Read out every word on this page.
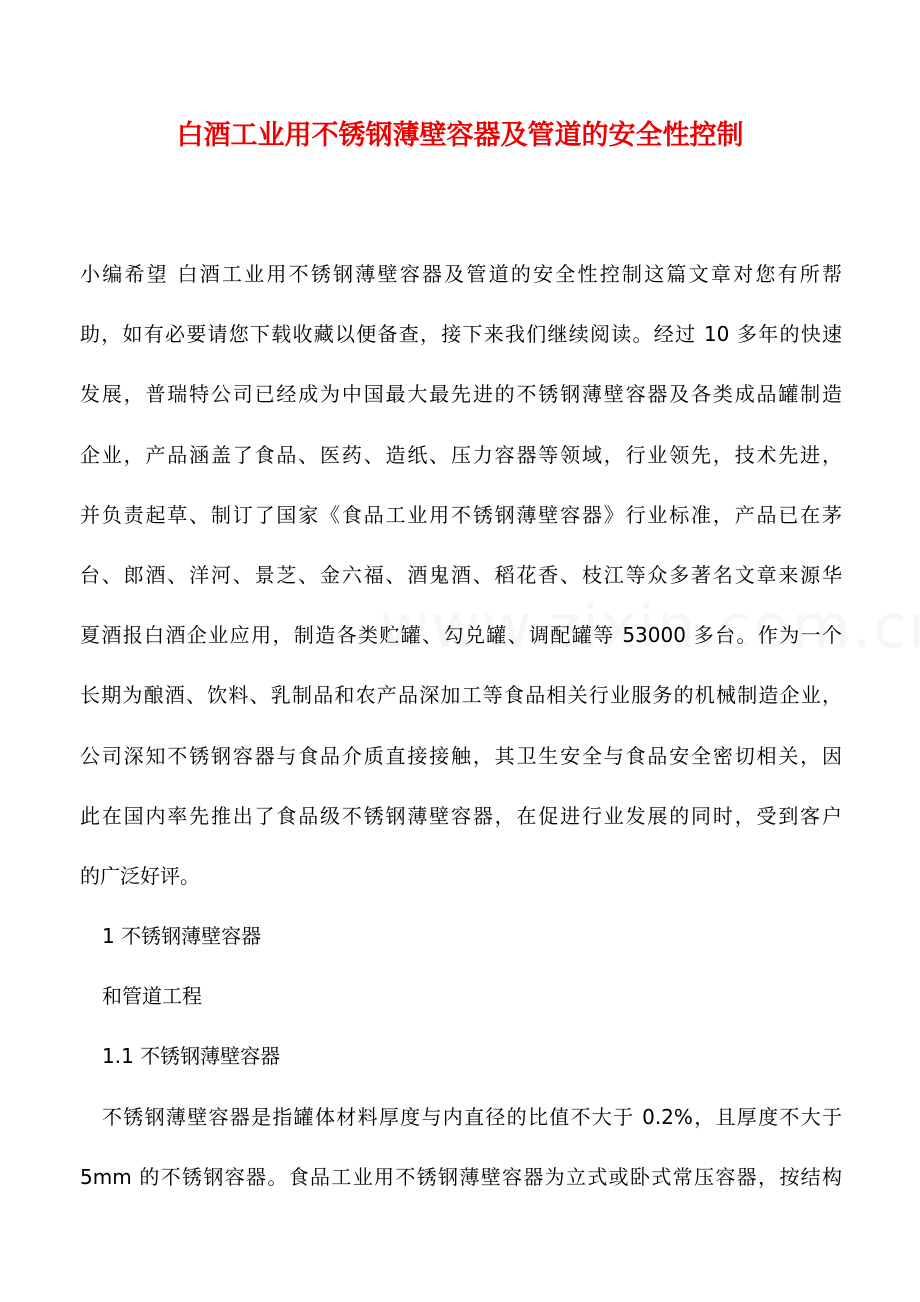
白酒工业用不锈钢薄壁容器及管道的安全性控制
小编希望 白酒工业用不锈钢薄壁容器及管道的安全性控制这篇文章对您有所帮
助，如有必要请您下载收藏以便备查，接下来我们继续阅读。经过 10 多年的快速
发展，普瑞特公司已经成为中国最大最先进的不锈钢薄壁容器及各类成品罐制造
企业，产品涵盖了食品、医药、造纸、压力容器等领域，行业领先，技术先进，
并负责起草、制订了国家《食品工业用不锈钢薄壁容器》行业标准，产品已在茅
台、郎酒、洋河、景芝、金六福、酒鬼酒、稻花香、枝江等众多著名文章来源华
夏酒报白酒企业应用，制造各类贮罐、勾兑罐、调配罐等 53000 多台。作为一个
长期为酿酒、饮料、乳制品和农产品深加工等食品相关行业服务的机械制造企业，
公司深知不锈钢容器与食品介质直接接触，其卫生安全与食品安全密切相关，因
此在国内率先推出了食品级不锈钢薄壁容器，在促进行业发展的同时，受到客户
的广泛好评。
1 不锈钢薄壁容器
和管道工程
1.1 不锈钢薄壁容器
不锈钢薄壁容器是指罐体材料厚度与内直径的比值不大于 0.2%，且厚度不大于
5mm 的不锈钢容器。食品工业用不锈钢薄壁容器为立式或卧式常压容器，按结构
